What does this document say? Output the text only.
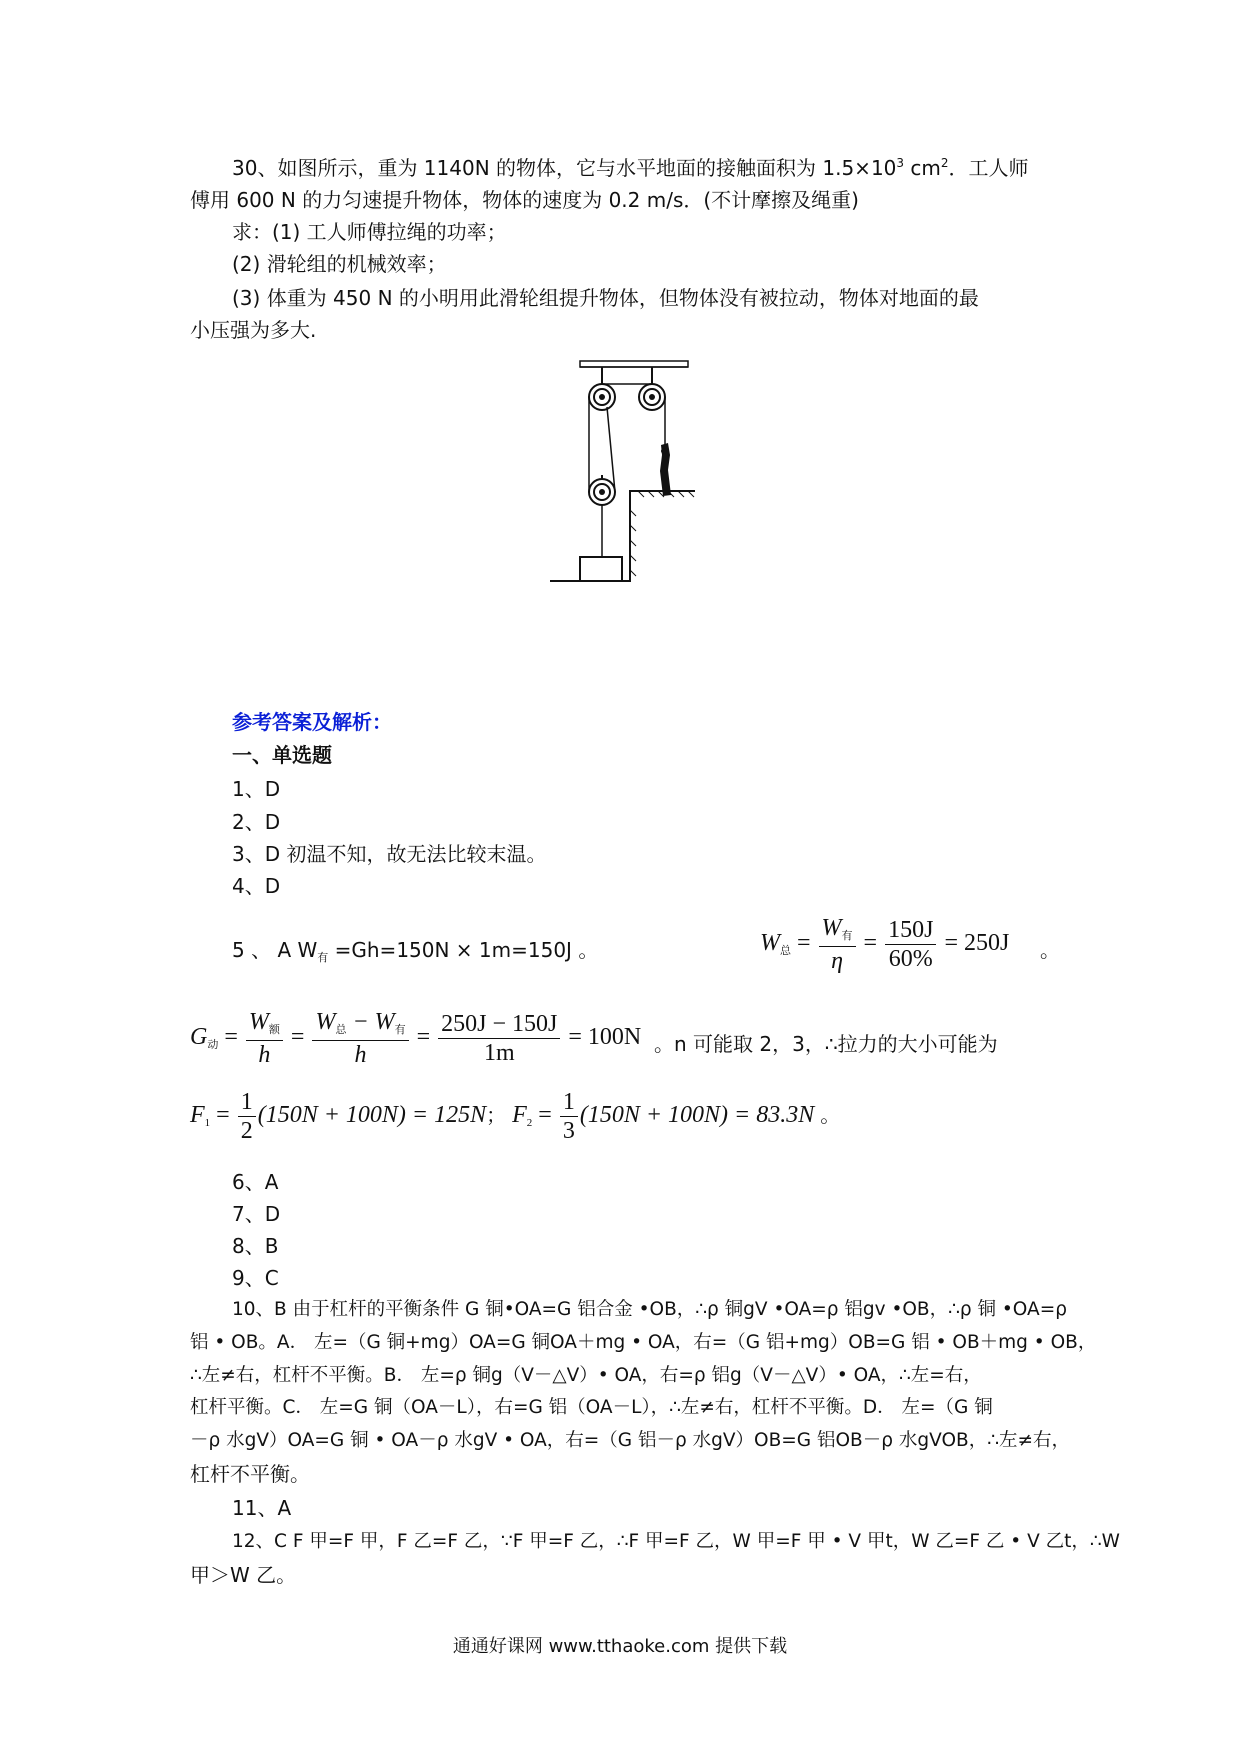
30、如图所示，重为 1140N 的物体，它与水平地面的接触面积为 $1.5\times 10^3$ $cm^2$．工人师
傅用 600 N 的力匀速提升物体，物体的速度为 0.2 m/s．(不计摩擦及绳重)
求：(1) 工人师傅拉绳的功率；
(2) 滑轮组的机械效率；
(3) 体重为 450 N 的小明用此滑轮组提升物体，但物体没有被拉动，物体对地面的最
小压强为多大.
参考答案及解析：
一、单选题
1、D
2、D
3、D 初温不知，故无法比较末温。
4、D
5 、 A $W_有 =Gh=150N \times 1m=150J$ 。	W总 = $\frac{\text{W有}}{\eta} = \frac{150J}{60\%} = 250J$ 。
G动 = $\frac{\text{W额}}{h} = \frac{\text{W总 − W有}}{h} = \frac{250J - 150J}{1m} = 100N$ 。n 可能取 2，3，∴拉力的大小可能为
$F1 = \frac{1}{2} (150N + 100N) = 125N$； $F2 = \frac{1}{3} (150N + 100N) = 83.3N$ 。
6、A
7、D
8、B
9、C
10、B 由于杠杆的平衡条件 G 铜•OA=G 铝合金 •OB，∴ρ 铜gV •OA=ρ 铝gv •OB，∴ρ 铜 •OA=ρ
铝 • OB。A． 左=（G 铜+mg）OA=G 铜OA＋mg • OA，右=（G 铝+mg）OB=G 铝 • OB＋mg • OB，
∴左≠右，杠杆不平衡。B． 左=ρ 铜g（V－△V）• OA，右=ρ 铝g（V－△V）• OA，∴左=右，
杠杆平衡。C． 左=G 铜（OA－L），右=G 铝（OA－L），∴左≠右，杠杆不平衡。D． 左=（G 铜
－ρ 水gV）OA=G 铜 • OA－ρ 水gV • OA，右=（G 铝－ρ 水gV）OB=G 铝OB－ρ 水gVOB，∴左≠右，
杠杆不平衡。
11、A
12、C F 甲=F 甲，F 乙=F 乙，∵F 甲=F 乙，∴F 甲=F 乙，W 甲=F 甲 • V 甲t，W 乙=F 乙 • V 乙t，∴W
甲＞W 乙。
通通好课网 www.tthaoke.com 提供下载
